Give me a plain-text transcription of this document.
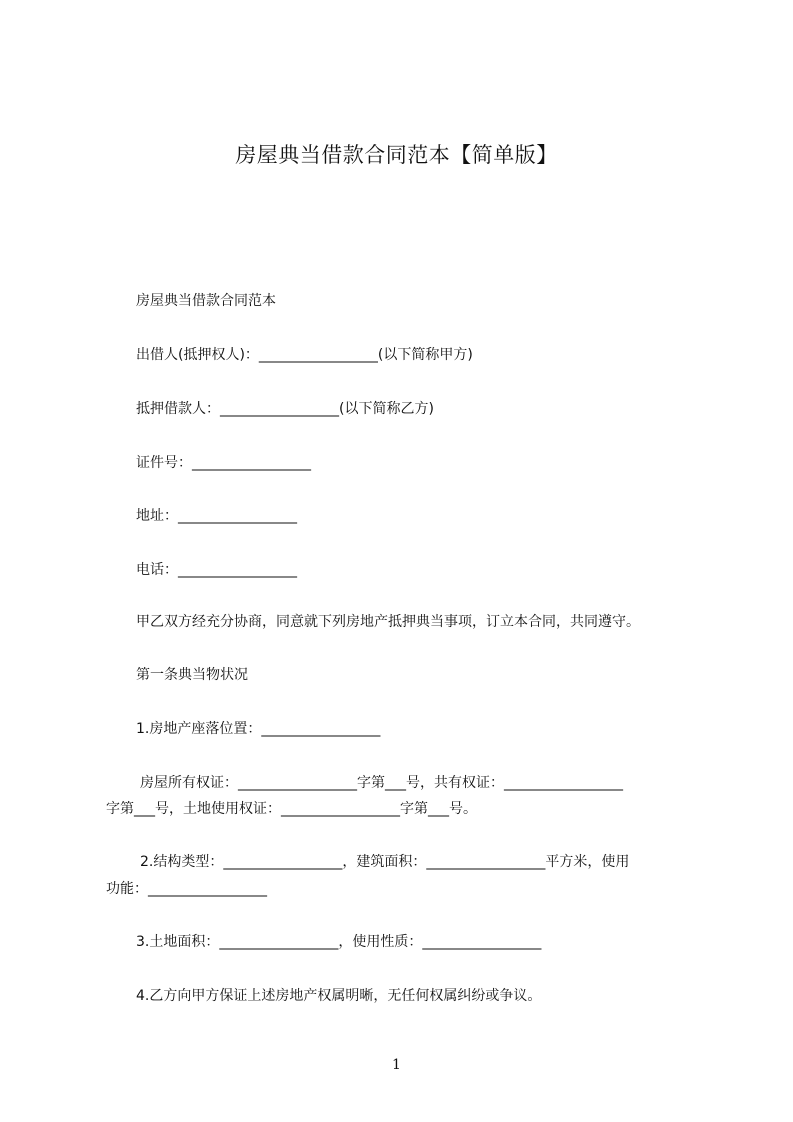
房屋典当借款合同范本【简单版】
房屋典当借款合同范本
出借人(抵押权人)：_________________(以下简称甲方)
抵押借款人：_________________(以下简称乙方)
证件号：_________________
地址：_________________
电话：_________________
甲乙双方经充分协商，同意就下列房地产抵押典当事项，订立本合同，共同遵守。
第一条典当物状况
1.房地产座落位置：_________________
房屋所有权证：_________________字第___号，共有权证：_________________
字第___号，土地使用权证：_________________字第___号。
2.结构类型：_________________，建筑面积：_________________平方米，使用
功能：_________________
3.土地面积：_________________，使用性质：_________________
4.乙方向甲方保证上述房地产权属明晰，无任何权属纠纷或争议。
1
